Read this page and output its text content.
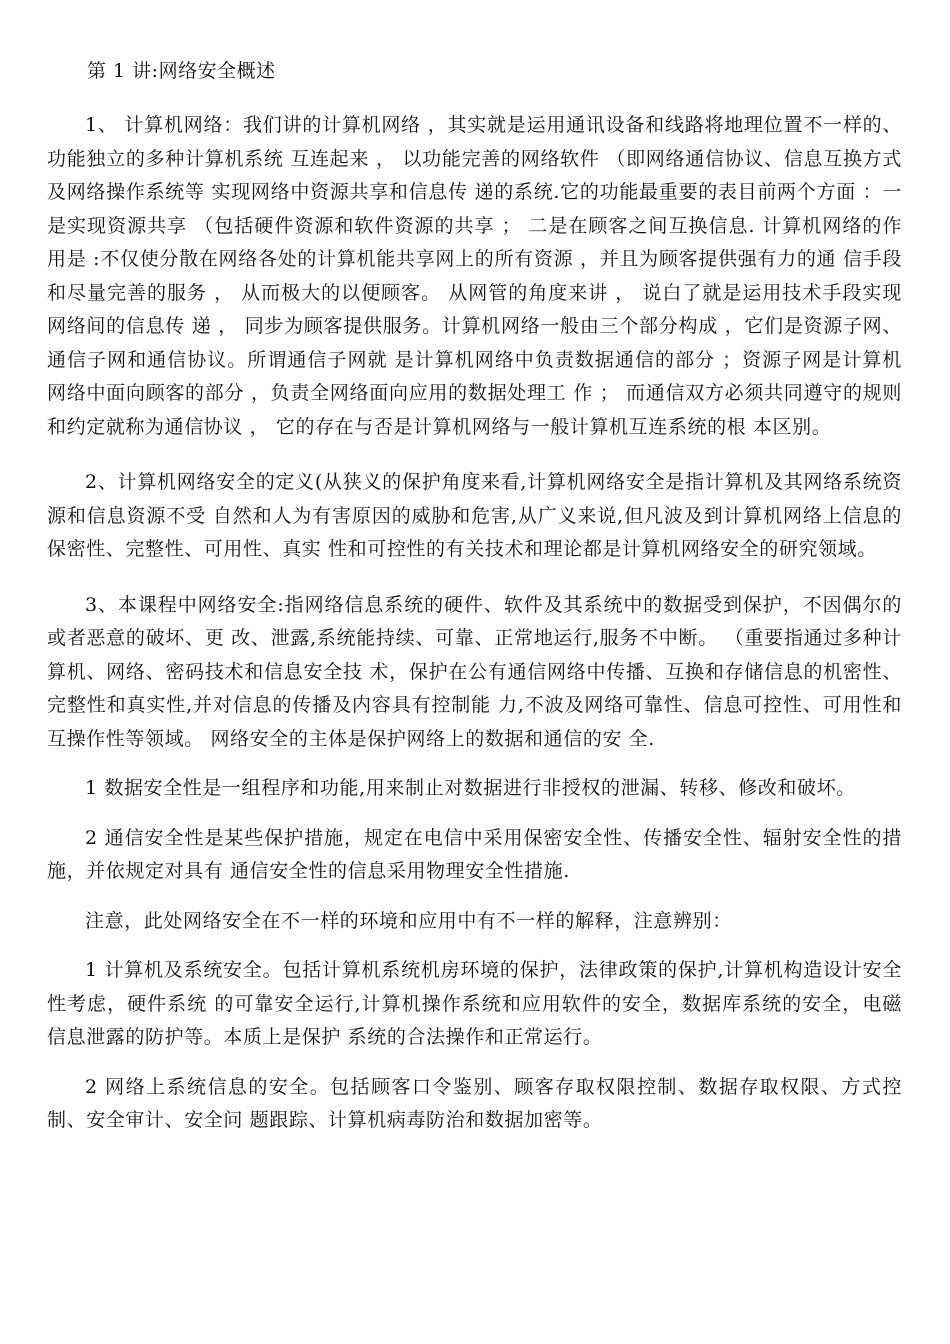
第 1 讲:网络安全概述

1、 计算机网络：我们讲的计算机网络 ，其实就是运用通讯设备和线路将地理位置不一样的、 功能独立的多种计算机系统 互连起来 ， 以功能完善的网络软件 （即网络通信协议、信息互换方式及网络操作系统等 实现网络中资源共享和信息传 递的系统.它的功能最重要的表目前两个方面 ：一是实现资源共享 （包括硬件资源和软件资源的共享 ； 二是在顾客之间互换信息. 计算机网络的作用是 :不仅使分散在网络各处的计算机能共享网上的所有资源 ，并且为顾客提供强有力的通 信手段和尽量完善的服务 ， 从而极大的以便顾客。 从网管的角度来讲 ， 说白了就是运用技术手段实现网络间的信息传 递 ， 同步为顾客提供服务。计算机网络一般由三个部分构成 ，它们是资源子网、通信子网和通信协议。所谓通信子网就 是计算机网络中负责数据通信的部分 ；资源子网是计算机网络中面向顾客的部分 ，负责全网络面向应用的数据处理工 作 ； 而通信双方必须共同遵守的规则和约定就称为通信协议 ， 它的存在与否是计算机网络与一般计算机互连系统的根 本区别。

2、计算机网络安全的定义(从狭义的保护角度来看,计算机网络安全是指计算机及其网络系统资源和信息资源不受 自然和人为有害原因的威胁和危害,从广义来说,但凡波及到计算机网络上信息的保密性、完整性、可用性、真实 性和可控性的有关技术和理论都是计算机网络安全的研究领域。

3、本课程中网络安全:指网络信息系统的硬件、软件及其系统中的数据受到保护，不因偶尔的或者恶意的破坏、更 改、泄露,系统能持续、可靠、正常地运行,服务不中断。 （重要指通过多种计算机、网络、密码技术和信息安全技 术，保护在公有通信网络中传播、互换和存储信息的机密性、完整性和真实性,并对信息的传播及内容具有控制能 力,不波及网络可靠性、信息可控性、可用性和互操作性等领域。 网络安全的主体是保护网络上的数据和通信的安 全.

1 数据安全性是一组程序和功能,用来制止对数据进行非授权的泄漏、转移、修改和破坏。

2 通信安全性是某些保护措施，规定在电信中采用保密安全性、传播安全性、辐射安全性的措施，并依规定对具有 通信安全性的信息采用物理安全性措施.

注意，此处网络安全在不一样的环境和应用中有不一样的解释，注意辨别：

1 计算机及系统安全。包括计算机系统机房环境的保护，法律政策的保护,计算机构造设计安全性考虑，硬件系统 的可靠安全运行,计算机操作系统和应用软件的安全，数据库系统的安全，电磁信息泄露的防护等。本质上是保护 系统的合法操作和正常运行。

2 网络上系统信息的安全。包括顾客口令鉴别、顾客存取权限控制、数据存取权限、方式控制、安全审计、安全问 题跟踪、计算机病毒防治和数据加密等。
